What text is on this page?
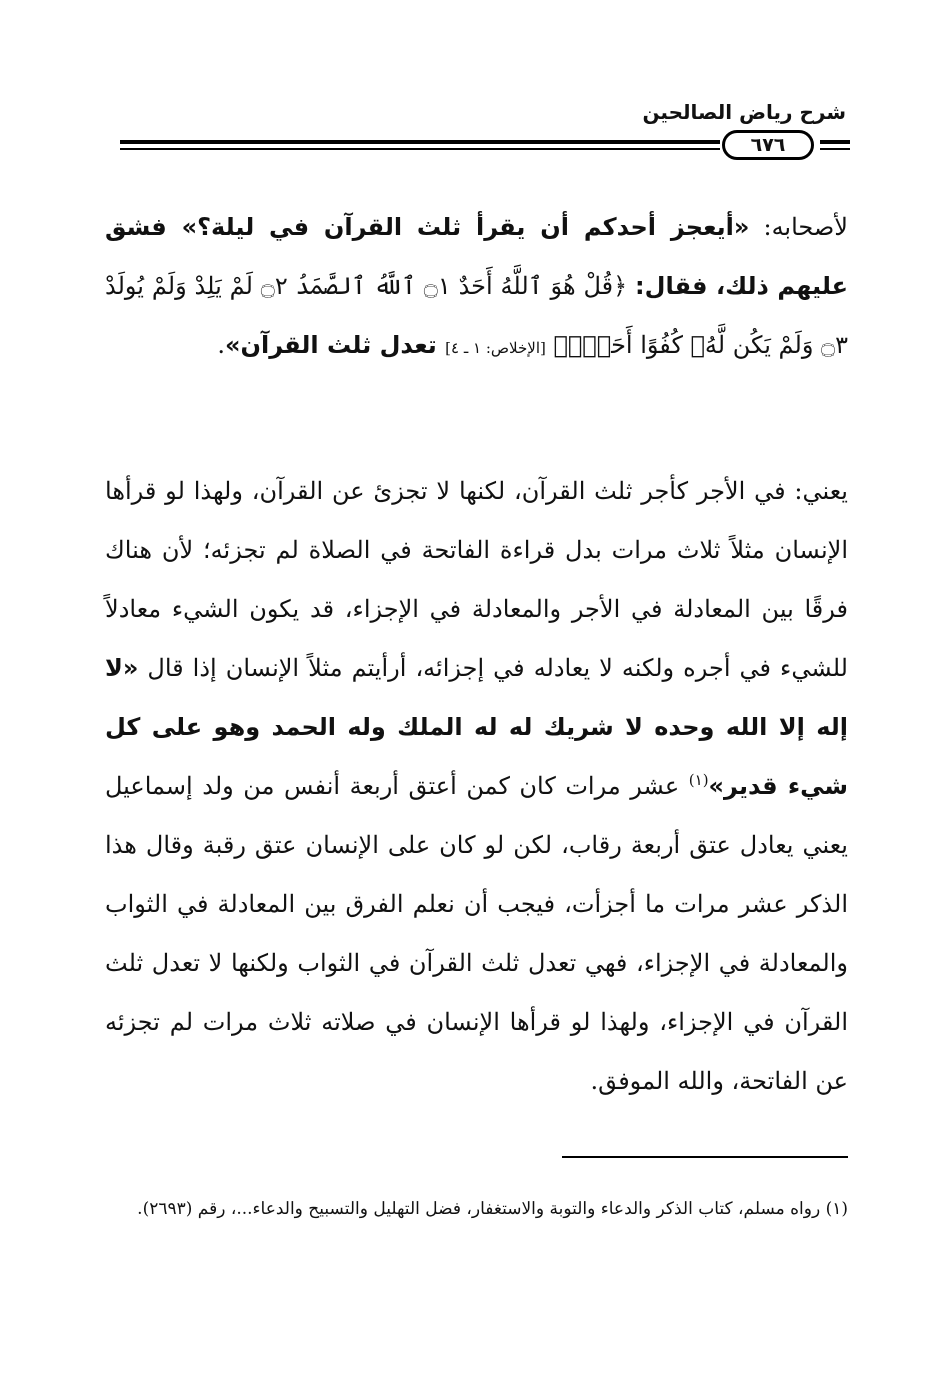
شرح رياض الصالحين
٦٧٦
لأصحابه: «أيعجز أحدكم أن يقرأ ثلث القرآن في ليلة؟» فشق عليهم ذلك، فقال: ﴿قُلْ هُوَ ٱللَّهُ أَحَدٌ ۝١ ٱللَّهُ ٱلصَّمَدُ ۝٢ لَمْ يَلِدْ وَلَمْ يُولَدْ ۝٣ وَلَمْ يَكُن لَّهُۥ كُفُوًا أَحَدٌۢ﴾ [الإخلاص: ١ ـ ٤] تعدل ثلث القرآن».
يعني: في الأجر كأجر ثلث القرآن، لكنها لا تجزئ عن القرآن، ولهذا لو قرأها الإنسان مثلاً ثلاث مرات بدل قراءة الفاتحة في الصلاة لم تجزئه؛ لأن هناك فرقًا بين المعادلة في الأجر والمعادلة في الإجزاء، قد يكون الشيء معادلاً للشيء في أجره ولكنه لا يعادله في إجزائه، أرأيتم مثلاً الإنسان إذا قال «لا إله إلا الله وحده لا شريك له له الملك وله الحمد وهو على كل شيء قدير»$^{(١)}$ عشر مرات كان كمن أعتق أربعة أنفس من ولد إسماعيل يعني يعادل عتق أربعة رقاب، لكن لو كان على الإنسان عتق رقبة وقال هذا الذكر عشر مرات ما أجزأت، فيجب أن نعلم الفرق بين المعادلة في الثواب والمعادلة في الإجزاء، فهي تعدل ثلث القرآن في الثواب ولكنها لا تعدل ثلث القرآن في الإجزاء، ولهذا لو قرأها الإنسان في صلاته ثلاث مرات لم تجزئه عن الفاتحة، والله الموفق.
(١) رواه مسلم، كتاب الذكر والدعاء والتوبة والاستغفار، فضل التهليل والتسبيح والدعاء...، رقم (٢٦٩٣).
